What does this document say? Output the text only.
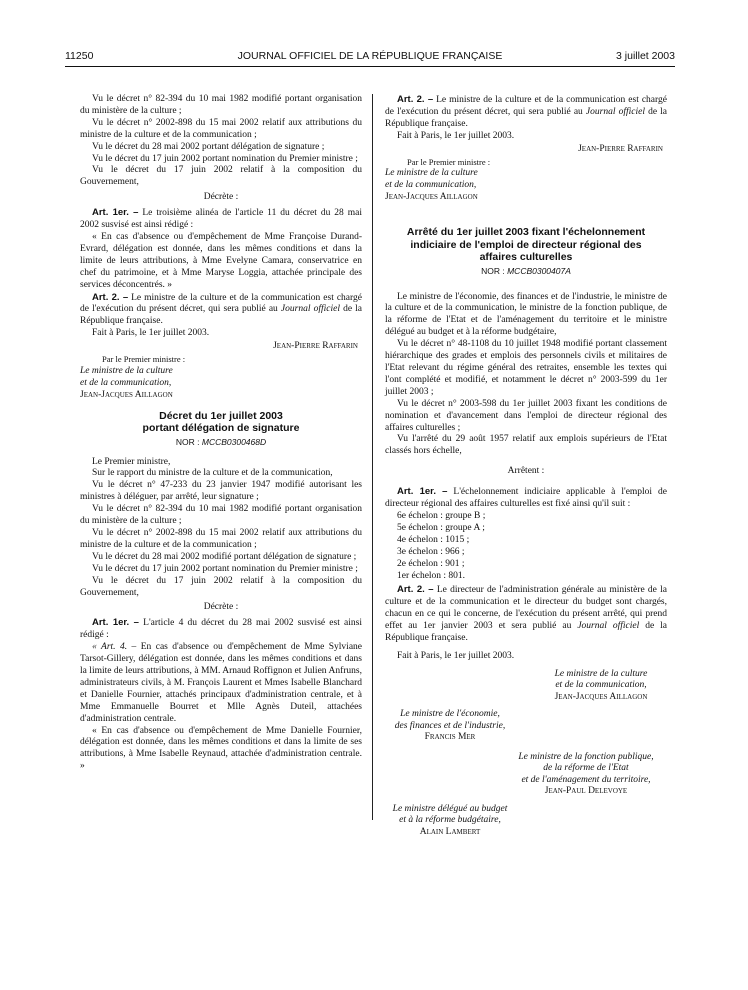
11250	JOURNAL OFFICIEL DE LA RÉPUBLIQUE FRANÇAISE	3 juillet 2003

Vu le décret n° 82-394 du 10 mai 1982 modifié portant organisation du ministère de la culture ;

Vu le décret n° 2002-898 du 15 mai 2002 relatif aux attributions du ministre de la culture et de la communication ;

Vu le décret du 28 mai 2002 portant délégation de signature ;

Vu le décret du 17 juin 2002 portant nomination du Premier ministre ;

Vu le décret du 17 juin 2002 relatif à la composition du Gouvernement,

Décrète :

Art. 1er. – Le troisième alinéa de l'article 11 du décret du 28 mai 2002 susvisé est ainsi rédigé :

« En cas d'absence ou d'empêchement de Mme Françoise Durand-Evrard, délégation est donnée, dans les mêmes conditions et dans la limite de leurs attributions, à Mme Evelyne Camara, conservatrice en chef du patrimoine, et à Mme Maryse Loggia, attachée principale des services déconcentrés. »

Art. 2. – Le ministre de la culture et de la communication est chargé de l'exécution du présent décret, qui sera publié au Journal officiel de la République française.

Fait à Paris, le 1er juillet 2003.

Jean-Pierre Raffarin

Par le Premier ministre :

Le ministre de la culture

et de la communication,

Jean-Jacques Aillagon

Décret du 1er juillet 2003
portant délégation de signature
NOR : MCCB0300468D

Le Premier ministre,

Sur le rapport du ministre de la culture et de la communication,

Vu le décret n° 47-233 du 23 janvier 1947 modifié autorisant les ministres à déléguer, par arrêté, leur signature ;

Vu le décret n° 82-394 du 10 mai 1982 modifié portant organisation du ministère de la culture ;

Vu le décret n° 2002-898 du 15 mai 2002 relatif aux attributions du ministre de la culture et de la communication ;

Vu le décret du 28 mai 2002 modifié portant délégation de signature ;

Vu le décret du 17 juin 2002 portant nomination du Premier ministre ;

Vu le décret du 17 juin 2002 relatif à la composition du Gouvernement,

Décrète :

Art. 1er. – L'article 4 du décret du 28 mai 2002 susvisé est ainsi rédigé :

« Art. 4. – En cas d'absence ou d'empêchement de Mme Sylviane Tarsot-Gillery, délégation est donnée, dans les mêmes conditions et dans la limite de leurs attributions, à MM. Arnaud Roffignon et Julien Anfruns, administrateurs civils, à M. François Laurent et Mmes Isabelle Blanchard et Danielle Fournier, attachés principaux d'administration centrale, et à Mme Emmanuelle Bourret et Mlle Agnès Duteil, attachées d'administration centrale.

« En cas d'absence ou d'empêchement de Mme Danielle Fournier, délégation est donnée, dans les mêmes conditions et dans la limite de ses attributions, à Mme Isabelle Reynaud, attachée d'administration centrale. »

Art. 2. – Le ministre de la culture et de la communication est chargé de l'exécution du présent décret, qui sera publié au Journal officiel de la République française.

Fait à Paris, le 1er juillet 2003.

Jean-Pierre Raffarin

Par le Premier ministre :

Le ministre de la culture

et de la communication,

Jean-Jacques Aillagon

Arrêté du 1er juillet 2003 fixant l'échelonnement
indiciaire de l'emploi de directeur régional des
affaires culturelles
NOR : MCCB0300407A

Le ministre de l'économie, des finances et de l'industrie, le ministre de la culture et de la communication, le ministre de la fonction publique, de la réforme de l'Etat et de l'aménagement du territoire et le ministre délégué au budget et à la réforme budgétaire,

Vu le décret n° 48-1108 du 10 juillet 1948 modifié portant classement hiérarchique des grades et emplois des personnels civils et militaires de l'Etat relevant du régime général des retraites, ensemble les textes qui l'ont complété et modifié, et notamment le décret n° 2003-599 du 1er juillet 2003 ;

Vu le décret n° 2003-598 du 1er juillet 2003 fixant les conditions de nomination et d'avancement dans l'emploi de directeur régional des affaires culturelles ;

Vu l'arrêté du 29 août 1957 relatif aux emplois supérieurs de l'Etat classés hors échelle,

Arrêtent :

Art. 1er. – L'échelonnement indiciaire applicable à l'emploi de directeur régional des affaires culturelles est fixé ainsi qu'il suit :

6e échelon : groupe B ;
5e échelon : groupe A ;
4e échelon : 1015 ;
3e échelon : 966 ;
2e échelon : 901 ;
1er échelon : 801.

Art. 2. – Le directeur de l'administration générale au ministère de la culture et de la communication et le directeur du budget sont chargés, chacun en ce qui le concerne, de l'exécution du présent arrêté, qui prend effet au 1er janvier 2003 et sera publié au Journal officiel de la République française.

Fait à Paris, le 1er juillet 2003.

Le ministre de la culture
et de la communication,
Jean-Jacques Aillagon
Le ministre de l'économie,
des finances et de l'industrie,
Francis Mer
Le ministre de la fonction publique,
de la réforme de l'Etat
et de l'aménagement du territoire,
Jean-Paul Delevoye
Le ministre délégué au budget
et à la réforme budgétaire,
Alain Lambert
